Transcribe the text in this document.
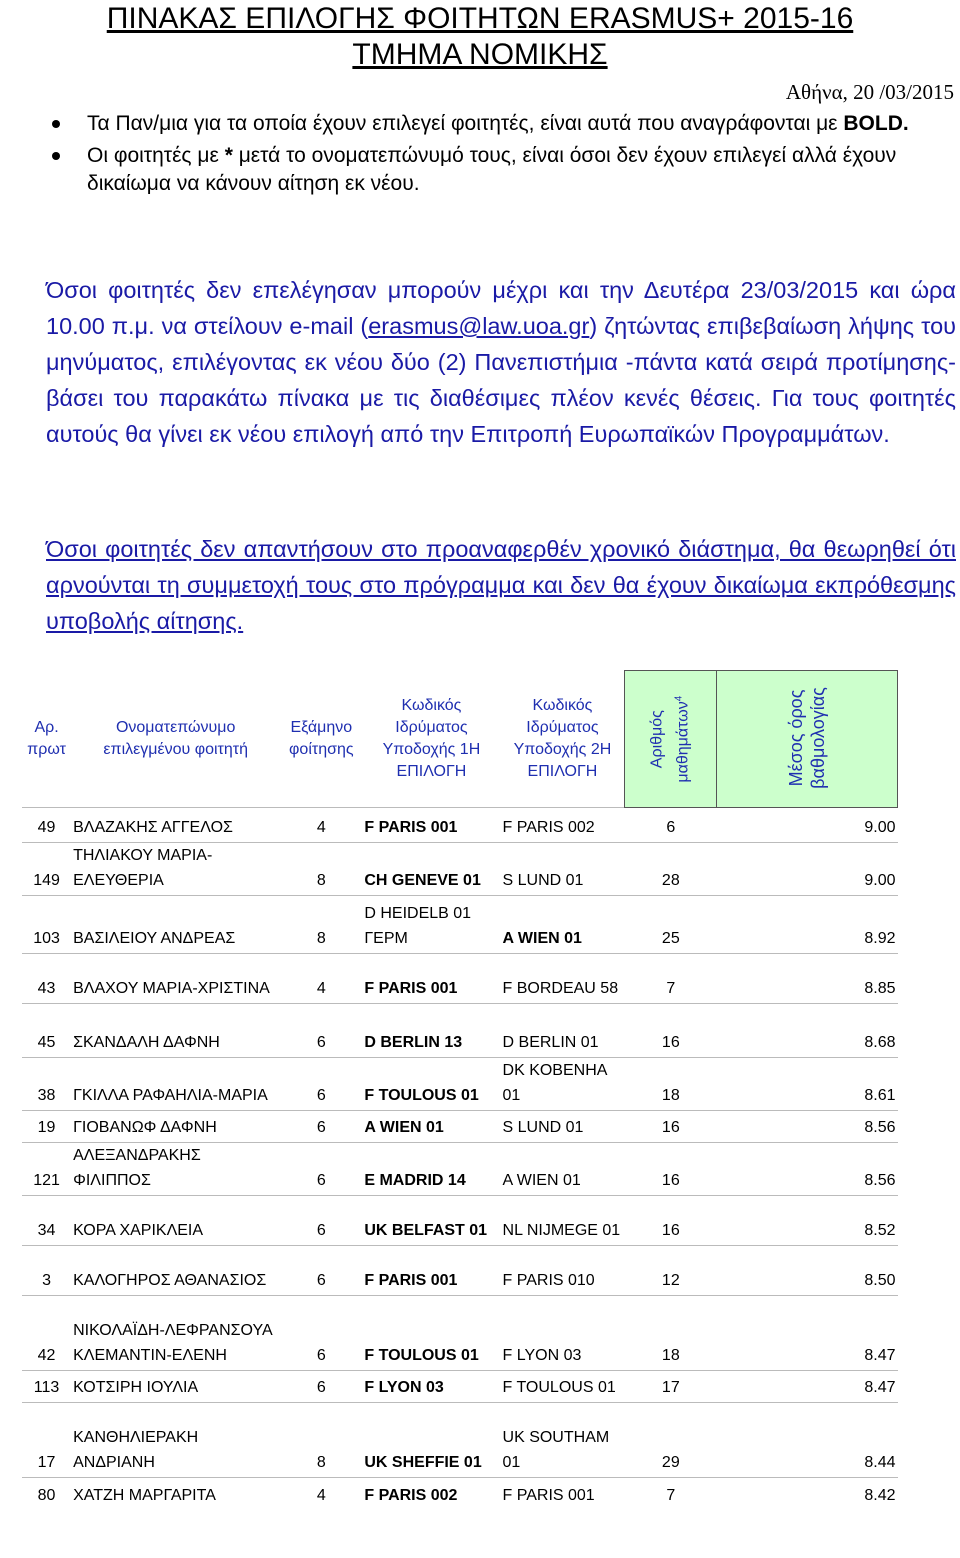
ΠΙΝΑΚΑΣ ΕΠΙΛΟΓΗΣ ΦΟΙΤΗΤΩΝ ERASMUS+ 2015-16
ΤΜΗΜΑ ΝΟΜΙΚΗΣ
Αθήνα, 20 /03/2015
Τα Παν/μια για τα οποία έχουν επιλεγεί φοιτητές, είναι αυτά που αναγράφονται με BOLD.
Οι φοιτητές με * μετά το ονοματεπώνυμό τους, είναι όσοι δεν έχουν επιλεγεί αλλά έχουν δικαίωμα να κάνουν αίτηση εκ νέου.
Όσοι φοιτητές δεν επελέγησαν μπορούν μέχρι και την Δευτέρα 23/03/2015 και ώρα 10.00 π.μ. να στείλουν e-mail (erasmus@law.uoa.gr) ζητώντας επιβεβαίωση λήψης του μηνύματος, επιλέγοντας εκ νέου δύο (2) Πανεπιστήμια -πάντα κατά σειρά προτίμησης- βάσει του παρακάτω πίνακα με τις διαθέσιμες πλέον κενές θέσεις. Για τους φοιτητές αυτούς θα γίνει εκ νέου επιλογή από την Επιτροπή Ευρωπαϊκών Προγραμμάτων.
Όσοι φοιτητές δεν απαντήσουν στο προαναφερθέν χρονικό διάστημα, θα θεωρηθεί ότι αρνούνται τη συμμετοχή τους στο πρόγραμμα και δεν θα έχουν δικαίωμα εκπρόθεσμης υποβολής αίτησης.
Αρ. πρωτ	Ονοματεπώνυμο επιλεγμένου φοιτητή	Εξάμηνο φοίτησης	Κωδικός Ιδρύματος Υποδοχής 1Η ΕΠΙΛΟΓΗ	Κωδικός Ιδρύματος Υποδοχής 2Η ΕΠΙΛΟΓΗ	Αριθμός μαθημάτων$^4$	Μέσος όρος βαθμολογίας
49	ΒΛΑΖΑΚΗΣ ΑΓΓΕΛΟΣ	4	F PARIS 001	F PARIS 002	6	9.00
149	ΤΗΛΙΑΚΟΥ ΜΑΡΙΑ-ΕΛΕΥΘΕΡΙΑ	8	CH GENEVE 01	S LUND 01	28	9.00
103	ΒΑΣΙΛΕΙΟΥ ΑΝΔΡΕΑΣ	8	D HEIDELB 01 ΓΕΡΜ	A WIEN 01	25	8.92
43	ΒΛΑΧΟΥ ΜΑΡΙΑ-ΧΡΙΣΤΙΝΑ	4	F PARIS 001	F BORDEAU 58	7	8.85
45	ΣΚΑΝΔΑΛΗ ΔΑΦΝΗ	6	D BERLIN 13	D BERLIN 01	16	8.68
38	ΓΚΙΛΛΑ ΡΑΦΑΗΛΙΑ-ΜΑΡΙΑ	6	F TOULOUS 01	DK KOBENHA 01	18	8.61
19	ΓΙΟΒΑΝΩΦ ΔΑΦΝΗ	6	A WIEN 01	S LUND 01	16	8.56
121	ΑΛΕΞΑΝΔΡΑΚΗΣ ΦΙΛΙΠΠΟΣ	6	E MADRID 14	A WIEN 01	16	8.56
34	ΚΟΡΑ ΧΑΡΙΚΛΕΙΑ	6	UK BELFAST 01	NL NIJMEGE 01	16	8.52
3	ΚΑΛΟΓΗΡΟΣ ΑΘΑΝΑΣΙΟΣ	6	F PARIS 001	F PARIS 010	12	8.50
42	ΝΙΚΟΛΑΪΔΗ-ΛΕΦΡΑΝΣΟΥΑ ΚΛΕΜΑΝΤΙΝ-ΕΛΕΝΗ	6	F TOULOUS 01	F LYON 03	18	8.47
113	ΚΟΤΣΙΡΗ ΙΟΥΛΙΑ	6	F LYON 03	F TOULOUS 01	17	8.47
17	ΚΑΝΘΗΛΙΕΡΑΚΗ ΑΝΔΡΙΑΝΗ	8	UK SHEFFIE 01	UK SOUTHAM 01	29	8.44
80	ΧΑΤΖΗ ΜΑΡΓΑΡΙΤΑ	4	F PARIS 002	F PARIS 001	7	8.42
